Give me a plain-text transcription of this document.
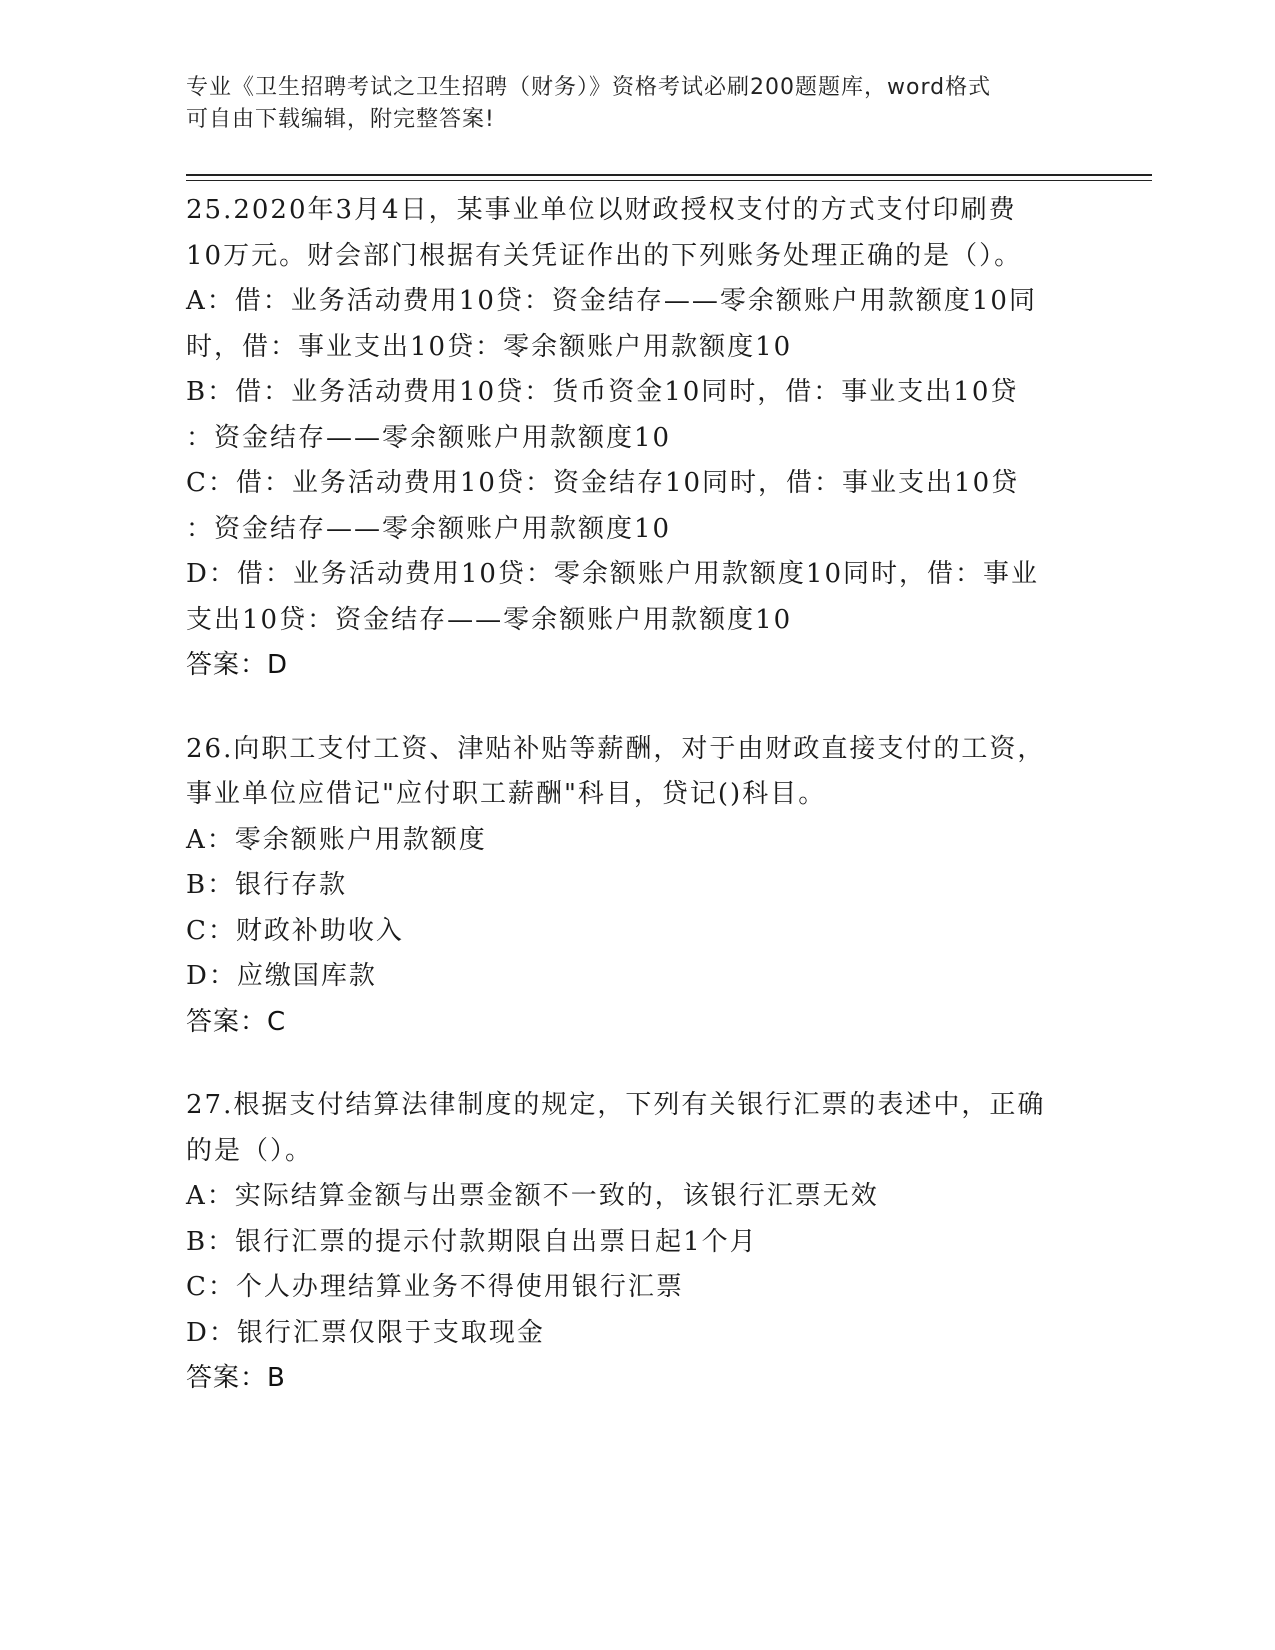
专业《卫生招聘考试之卫生招聘（财务）》资格考试必刷200题题库，word格式
可自由下载编辑，附完整答案!
25.2020年3月4日，某事业单位以财政授权支付的方式支付印刷费
10万元。财会部门根据有关凭证作出的下列账务处理正确的是（）。
A：借：业务活动费用10贷：资金结存——零余额账户用款额度10同
时，借：事业支出10贷：零余额账户用款额度10
B：借：业务活动费用10贷：货币资金10同时，借：事业支出10贷
：资金结存——零余额账户用款额度10
C：借：业务活动费用10贷：资金结存10同时，借：事业支出10贷
：资金结存——零余额账户用款额度10
D：借：业务活动费用10贷：零余额账户用款额度10同时，借：事业
支出10贷：资金结存——零余额账户用款额度10
答案：D
26.向职工支付工资、津贴补贴等薪酬，对于由财政直接支付的工资，
事业单位应借记"应付职工薪酬"科目，贷记()科目。
A：零余额账户用款额度
B：银行存款
C：财政补助收入
D：应缴国库款
答案：C
27.根据支付结算法律制度的规定，下列有关银行汇票的表述中，正确
的是（）。
A：实际结算金额与出票金额不一致的，该银行汇票无效
B：银行汇票的提示付款期限自出票日起1个月
C：个人办理结算业务不得使用银行汇票
D：银行汇票仅限于支取现金
答案：B
